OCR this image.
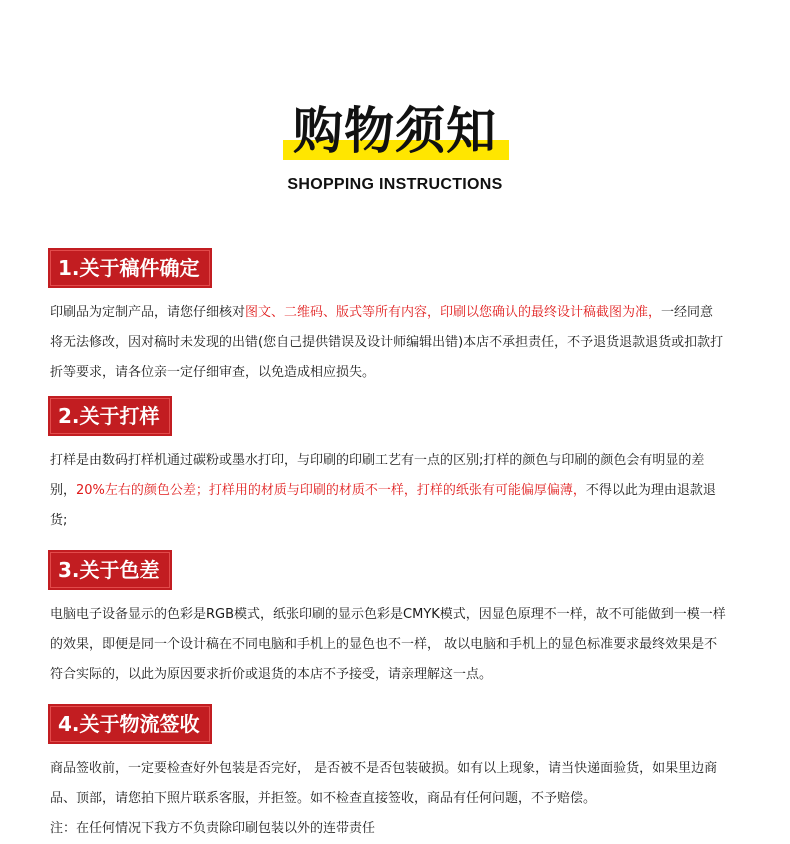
购物须知
SHOPPING INSTRUCTIONS
1.关于稿件确定
印刷品为定制产品，请您仔细核对图文、二维码、版式等所有内容，印刷以您确认的最终设计稿截图为准，一经同意将无法修改，因对稿时未发现的出错(您自己提供错误及设计师编辑出错)本店不承担责任，不予退货退款退货或扣款打折等要求，请各位亲一定仔细审查，以免造成相应损失。
2.关于打样
打样是由数码打样机通过碳粉或墨水打印，与印刷的印刷工艺有一点的区别;打样的颜色与印刷的颜色会有明显的差别，20%左右的颜色公差；打样用的材质与印刷的材质不一样，打样的纸张有可能偏厚偏薄，不得以此为理由退款退货;
3.关于色差
电脑电子设备显示的色彩是RGB模式，纸张印刷的显示色彩是CMYK模式，因显色原理不一样，故不可能做到一模一样的效果，即便是同一个设计稿在不同电脑和手机上的显色也不一样， 故以电脑和手机上的显色标准要求最终效果是不符合实际的，以此为原因要求折价或退货的本店不予接受，请亲理解这一点。
4.关于物流签收
商品签收前，一定要检查好外包装是否完好， 是否被不是否包装破损。如有以上现象，请当快递面验货，如果里边商品、顶部，请您拍下照片联系客服，并拒签。如不检查直接签收，商品有任何问题，不予赔偿。
注：在任何情况下我方不负责除印刷包装以外的连带责任
